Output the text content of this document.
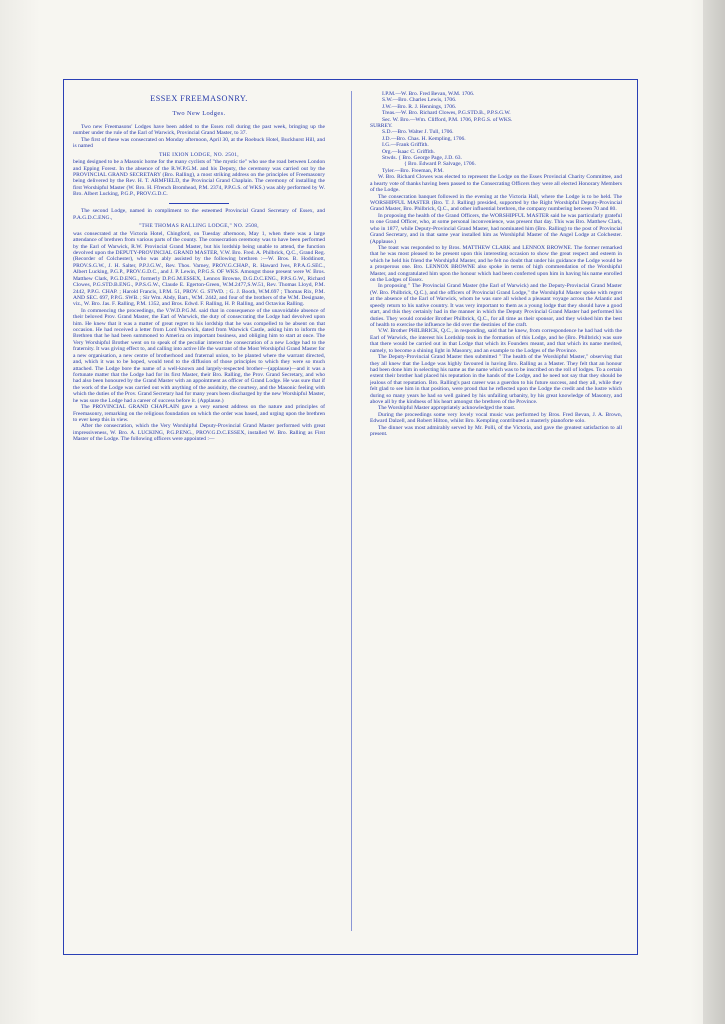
ESSEX FREEMASONRY.
Two New Lodges.

Two new Freemasons' Lodges have been added to the Essex roll during the past week, bringing up the number under the rule of the Earl of Warwick, Provincial Grand Master, to 37.

The first of these was consecrated on Monday afternoon, April 30, at the Roebuck Hotel, Buckhurst Hill, and is named

THE IXION LODGE, NO. 2501,

being designed to be a Masonic home for the many cyclists of "the mystic tie" who use the road between London and Epping Forest. In the absence of the R.W.P.G.M. and his Deputy, the ceremony was carried out by the PROVINCIAL GRAND SECRETARY (Bro. Ralling), a most striking address on the principles of Freemasonry being delivered by the Rev. H. T. ARMFIELD, the Provincial Grand Chaplain. The ceremony of installing the first Worshipful Master (W. Bro. H. Ffrench Bromhead, P.M. 2374, P.P.G.S. of WKS.) was ably performed by W. Bro. Albert Lucking, P.G.P., PROV.G.D.C.

The second Lodge, named in compliment to the esteemed Provincial Grand Secretary of Essex, and P.A.G.D.C.ENG.,

"THE THOMAS RALLING LODGE," NO. 2508,

was consecrated at the Victoria Hotel, Chingford, on Tuesday afternoon, May 1, when there was a large attendance of brethren from various parts of the county. The consecration ceremony was to have been performed by the Earl of Warwick, R.W. Provincial Grand Master, but his lordship being unable to attend, the function devolved upon the DEPUTY-PROVINCIAL GRAND MASTER, V.W. Bro. Fred. A. Philbrick, Q.C., Grand Reg. (Recorder of Colchester), who was ably assisted by the following brethren :—W. Bros. B. Hoddinott, PROV.S.G.W., J. H. Salter, P.P.J.G.W., Rev. Thos. Varney, PROV.G.CHAP., R. Haward Ives, P.P.A.G.SEC., Albert Lucking, P.G.P., PROV.G.D.C., and J. P. Lewin, P.P.G.S. OF WKS. Amongst those present were W. Bros. Matthew Clark, P.G.D.ENG., formerly D.P.G.M.ESSEX, Lennox Browne, D.G.D.C.ENG., P.P.S.G.W., Richard Clowes, P.G.STD.B.ENG., P.P.S.G.W., Claude E. Egerton-Green, W.M.2477,S.W.51, Rev. Thomas Lloyd, P.M. 2442, P.P.G. CHAP. ; Harold Francis, I.P.M. 51, PROV. G. STWD. ; G. J. Booth, W.M.697 ; Thomas Rix, P.M. AND SEC. 697, P.P.G. SWB. ; Sir Wm. Abdy, Bart., W.M. 2442, and four of the brothers of the W.M. Designate, viz., W. Bro. Jas. F. Ralling, P.M. 1352, and Bros. Edwd. F. Ralling, H. P. Ralling, and Octavius Ralling.

In commencing the proceedings, the V.W.D.P.G.M. said that in consequence of the unavoidable absence of their beloved Prov. Grand Master, the Earl of Warwick, the duty of consecrating the Lodge had devolved upon him. He knew that it was a matter of great regret to his lordship that he was compelled to be absent on that occasion. He had received a letter from Lord Warwick, dated from Warwick Castle, asking him to inform the Brethren that he had been summoned to America on important business, and obliging him to start at once. The Very Worshipful Brother went on to speak of the peculiar interest the consecration of a new Lodge had to the fraternity. It was giving effect to, and calling into active life the warrant of the Most Worshipful Grand Master for a new organisation, a new centre of brotherhood and fraternal union, to be planted where the warrant directed, and, which it was to be hoped, would tend to the diffusion of those principles to which they were so much attached. The Lodge bore the name of a well-known and largely-respected brother—(applause)—and it was a fortunate matter that the Lodge had for its first Master, their Bro. Ralling, the Prov. Grand Secretary, and who had also been honoured by the Grand Master with an appointment as officer of Grand Lodge. He was sure that if the work of the Lodge was carried out with anything of the assiduity, the courtesy, and the Masonic feeling with which the duties of the Prov. Grand Secretary had for many years been discharged by the new Worshipful Master, he was sure the Lodge had a career of success before it. (Applause.)

The PROVINCIAL GRAND CHAPLAIN gave a very earnest address on the nature and principles of Freemasonry, remarking on the religious foundation on which the order was based, and urging upon the brethren to ever keep this in view.

After the consecration, which the Very Worshipful Deputy-Provincial Grand Master performed with great impressiveness, W. Bro. A. LUCKING, P.G.P.ENG., PROV.G.D.C.ESSEX, installed W. Bro. Ralling as First Master of the Lodge. The following officers were appointed :—

I.P.M.—W. Bro. Fred Bevan, W.M. 1706.

S.W.—Bro. Charles Lewis, 1706.

J.W.—Bro. R. J. Hennings, 1706.

Treas.—W. Bro. Richard Clowes, P.G.STD.B., P.P.S.G.W.

Sec. W. Bro.—Wm. Clifford, P.M. 1706, P.P.G.S. of WKS.

SURREY.

S.D.—Bro. Walter J. Tull, 1706.

J.D.—Bro. Chas. H. Kempling, 1706.

I.G.—Frank Griffith.

Org.—Isaac C. Griffith.

Stwds. { Bro. George Page, J.D. 63.

{ Bro. Edward P. Salvage, 1706.

Tyler.—Bro. Freeman, P.M.

W. Bro. Richard Clowes was elected to represent the Lodge on the Essex Provincial Charity Committee, and a hearty vote of thanks having been passed to the Consecrating Officers they were all elected Honorary Members of the Lodge.

The consecration banquet followed in the evening at the Victoria Hall, where the Lodge is to be held. The WORSHIPFUL MASTER (Bro. T. J. Ralling) presided, supported by the Right Worshipful Deputy-Provincial Grand Master, Bro. Philbrick, Q.C., and other influential brethren, the company numbering between 70 and 80.

In proposing the health of the Grand Officers, the WORSHIPFUL MASTER said he was particularly grateful to one Grand Officer, who, at some personal inconvenience, was present that day. This was Bro. Matthew Clark, who in 1877, while Deputy-Provincial Grand Master, had nominated him (Bro. Ralling) to the post of Provincial Grand Secretary, and in that same year installed him as Worshipful Master of the Angel Lodge at Colchester. (Applause.)

The toast was responded to by Bros. MATTHEW CLARK and LENNOX BROWNE. The former remarked that he was most pleased to be present upon this interesting occasion to show the great respect and esteem in which he held his friend the Worshipful Master, and he felt no doubt that under his guidance the Lodge would be a prosperous one. Bro. LENNOX BROWNE also spoke in terms of high commendation of the Worshipful Master, and congratulated him upon the honour which had been conferred upon him in having his name enrolled on the Lodges of Essex.

In proposing " The Provincial Grand Master (the Earl of Warwick) and the Deputy-Provincial Grand Master (W. Bro. Philbrick, Q.C.), and the officers of Provincial Grand Lodge," the Worshipful Master spoke with regret at the absence of the Earl of Warwick, whom he was sure all wished a pleasant voyage across the Atlantic and speedy return to his native country. It was very important to them as a young lodge that they should have a good start, and this they certainly had in the manner in which the Deputy Provincial Grand Master had performed his duties. They would consider Brother Philbrick, Q.C., for all time as their sponsor, and they wished him the best of health to exercise the influence he did over the destinies of the craft.

V.W. Brother PHILBRICK, Q.C., in responding, said that he knew, from correspondence he had had with the Earl of Warwick, the interest his Lordship took in the formation of this Lodge, and he (Bro. Philbrick) was sure that there would be carried out in that Lodge that which its Founders meant, and that which its name merited, namely, to become a shining light in Masonry, and an example to the Lodges of the Province.

The Deputy-Provincial Grand Master then submitted " The health of the Worshipful Master," observing that they all knew that the Lodge was highly favoured in having Bro. Ralling as a Master. They felt that an honour had been done him in selecting his name as the name which was to be inscribed on the roll of lodges. To a certain extent their brother had placed his reputation in the hands of the Lodge, and he need not say that they should be jealous of that reputation. Bro. Ralling's past career was a guerdon to his future success, and they all, while they felt glad to see him in that position, were proud that he reflected upon the Lodge the credit and the lustre which during so many years he had so well gained by his unfailing urbanity, by his great knowledge of Masonry, and above all by the kindness of his heart amongst the brethren of the Province.

The Worshipful Master appropriately acknowledged the toast.

During the proceedings some very lovely vocal music was performed by Bros. Fred Bevan, J. A. Brown, Edward Dalzell, and Robert Hilton, whilst Bro. Kempling contributed a masterly pianoforte solo.

The dinner was most admirably served by Mr. Polli, of the Victoria, and gave the greatest satisfaction to all present.
